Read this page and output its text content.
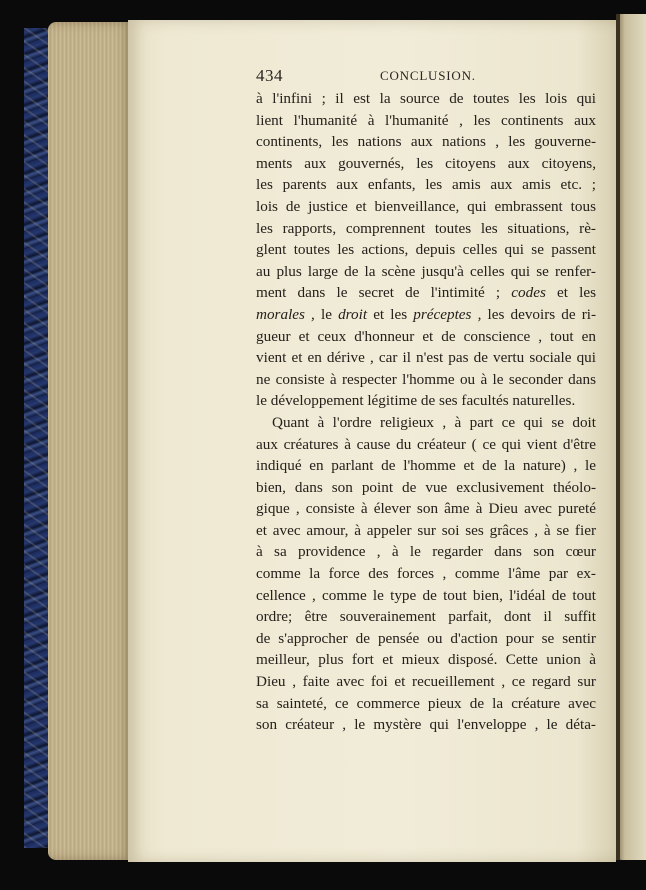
434	CONCLUSION.
à l'infini ; il est la source de toutes les lois qui
lient l'humanité à l'humanité , les continents aux
continents, les nations aux nations , les gouverne-
ments aux gouvernés, les citoyens aux citoyens,
les parents aux enfants, les amis aux amis etc. ;
lois de justice et bienveillance, qui embrassent tous
les rapports, comprennent toutes les situations, rè-
glent toutes les actions, depuis celles qui se passent
au plus large de la scène jusqu'à celles qui se renfer-
ment dans le secret de l'intimité ; codes et les
morales , le droit et les préceptes , les devoirs de ri-
gueur et ceux d'honneur et de conscience , tout en
vient et en dérive , car il n'est pas de vertu sociale qui
ne consiste à respecter l'homme ou à le seconder dans
le développement légitime de ses facultés naturelles.
Quant à l'ordre religieux , à part ce qui se doit
aux créatures à cause du créateur ( ce qui vient d'être
indiqué en parlant de l'homme et de la nature) , le
bien, dans son point de vue exclusivement théolo-
gique , consiste à élever son âme à Dieu avec pureté
et avec amour, à appeler sur soi ses grâces , à se fier
à sa providence , à le regarder dans son cœur
comme la force des forces , comme l'âme par ex-
cellence , comme le type de tout bien, l'idéal de tout
ordre; être souverainement parfait, dont il suffit
de s'approcher de pensée ou d'action pour se sentir
meilleur, plus fort et mieux disposé. Cette union à
Dieu , faite avec foi et recueillement , ce regard sur
sa sainteté, ce commerce pieux de la créature avec
son créateur , le mystère qui l'enveloppe , le déta-
